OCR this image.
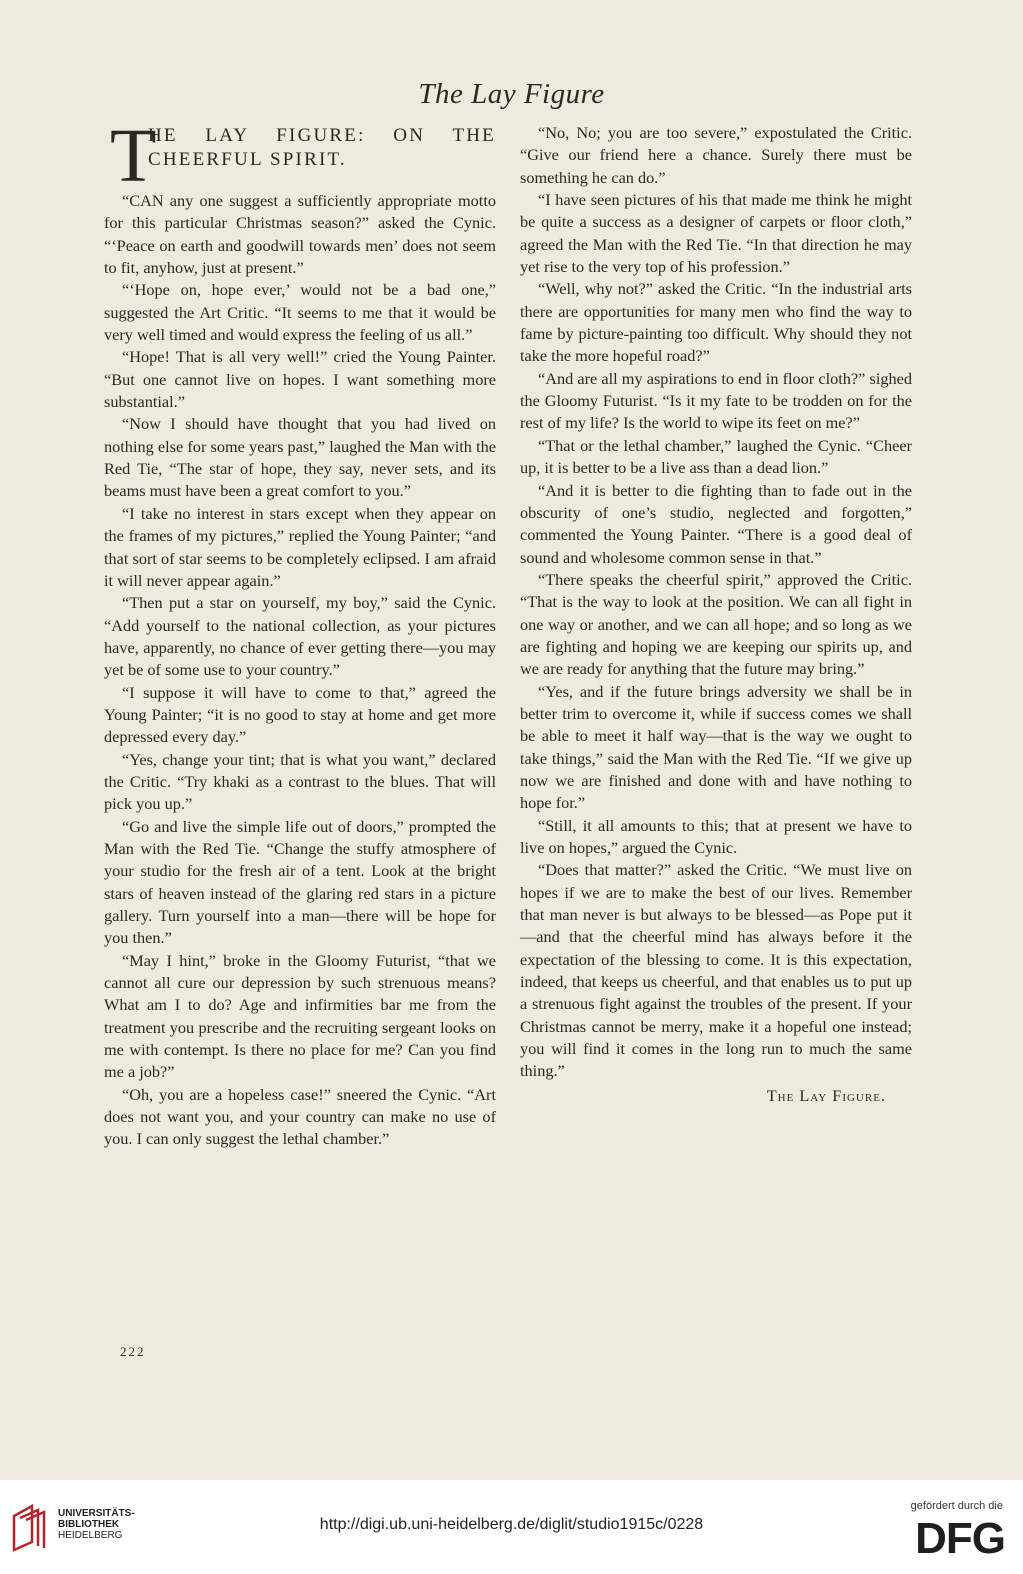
The Lay Figure
T
HE LAY FIGURE: ON THE
CHEERFUL SPIRIT.

“CAN any one suggest a sufficiently appropriate motto for this particular Christmas season?” asked the Cynic. “‘Peace on earth and goodwill towards men’ does not seem to fit, anyhow, just at present.”

“‘Hope on, hope ever,’ would not be a bad one,” suggested the Art Critic. “It seems to me that it would be very well timed and would express the feeling of us all.”

“Hope! That is all very well!” cried the Young Painter. “But one cannot live on hopes. I want something more substantial.”

“Now I should have thought that you had lived on nothing else for some years past,” laughed the Man with the Red Tie, “The star of hope, they say, never sets, and its beams must have been a great comfort to you.”

“I take no interest in stars except when they appear on the frames of my pictures,” replied the Young Painter; “and that sort of star seems to be completely eclipsed. I am afraid it will never appear again.”

“Then put a star on yourself, my boy,” said the Cynic. “Add yourself to the national collection, as your pictures have, apparently, no chance of ever getting there—you may yet be of some use to your country.”

“I suppose it will have to come to that,” agreed the Young Painter; “it is no good to stay at home and get more depressed every day.”

“Yes, change your tint; that is what you want,” declared the Critic. “Try khaki as a contrast to the blues. That will pick you up.”

“Go and live the simple life out of doors,” prompted the Man with the Red Tie. “Change the stuffy atmosphere of your studio for the fresh air of a tent. Look at the bright stars of heaven instead of the glaring red stars in a picture gallery. Turn yourself into a man—there will be hope for you then.”

“May I hint,” broke in the Gloomy Futurist, “that we cannot all cure our depression by such strenuous means? What am I to do? Age and infirmities bar me from the treatment you prescribe and the recruiting sergeant looks on me with contempt. Is there no place for me? Can you find me a job?”

“Oh, you are a hopeless case!” sneered the Cynic. “Art does not want you, and your country can make no use of you. I can only suggest the lethal chamber.”

“No, No; you are too severe,” expostulated the Critic. “Give our friend here a chance. Surely there must be something he can do.”

“I have seen pictures of his that made me think he might be quite a success as a designer of carpets or floor cloth,” agreed the Man with the Red Tie. “In that direction he may yet rise to the very top of his profession.”

“Well, why not?” asked the Critic. “In the industrial arts there are opportunities for many men who find the way to fame by picture-painting too difficult. Why should they not take the more hopeful road?”

“And are all my aspirations to end in floor cloth?” sighed the Gloomy Futurist. “Is it my fate to be trodden on for the rest of my life? Is the world to wipe its feet on me?”

“That or the lethal chamber,” laughed the Cynic. “Cheer up, it is better to be a live ass than a dead lion.”

“And it is better to die fighting than to fade out in the obscurity of one’s studio, neglected and forgotten,” commented the Young Painter. “There is a good deal of sound and wholesome common sense in that.”

“There speaks the cheerful spirit,” approved the Critic. “That is the way to look at the position. We can all fight in one way or another, and we can all hope; and so long as we are fighting and hoping we are keeping our spirits up, and we are ready for anything that the future may bring.”

“Yes, and if the future brings adversity we shall be in better trim to overcome it, while if success comes we shall be able to meet it half way—that is the way we ought to take things,” said the Man with the Red Tie. “If we give up now we are finished and done with and have nothing to hope for.”

“Still, it all amounts to this; that at present we have to live on hopes,” argued the Cynic.

“Does that matter?” asked the Critic. “We must live on hopes if we are to make the best of our lives. Remember that man never is but always to be blessed—as Pope put it—and that the cheerful mind has always before it the expectation of the blessing to come. It is this expectation, indeed, that keeps us cheerful, and that enables us to put up a strenuous fight against the troubles of the present. If your Christmas cannot be merry, make it a hopeful one instead; you will find it comes in the long run to much the same thing.”

The Lay Figure.
222
UNIVERSITÄTS-
BIBLIOTHEK
HEIDELBERG
http://digi.ub.uni-heidelberg.de/diglit/studio1915c/0228
gefördert durch die
DFG
